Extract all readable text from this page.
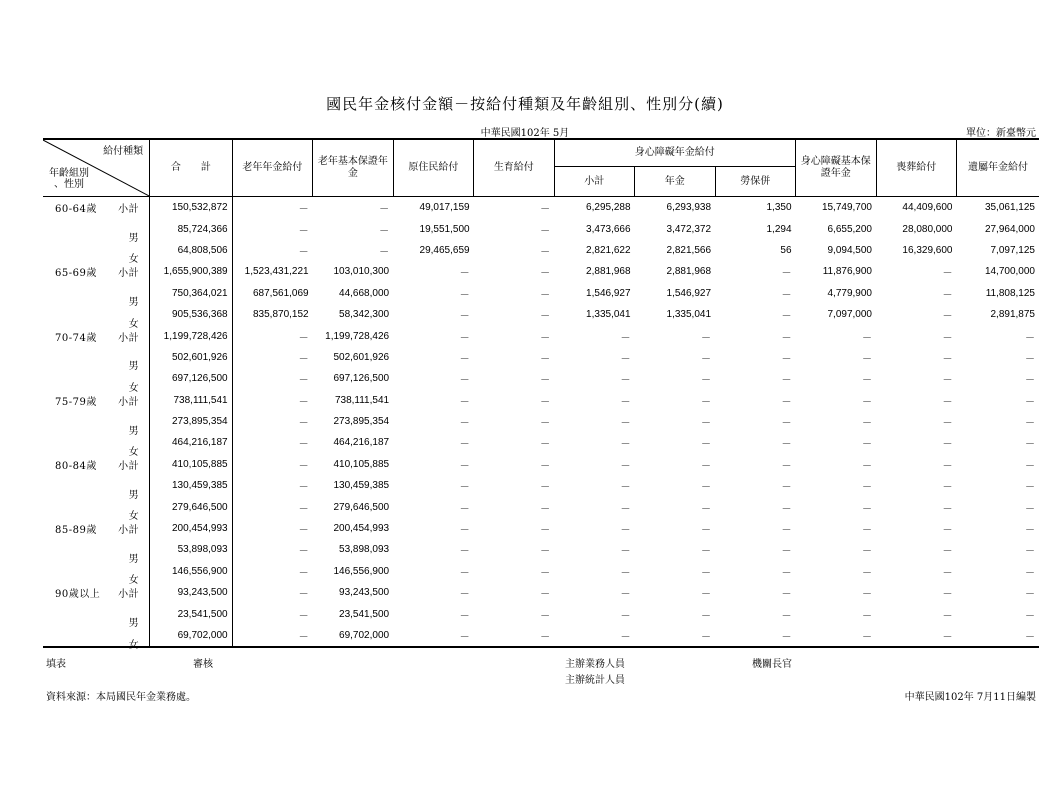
國民年金核付金額－按給付種類及年齡組別、性別分(續)
中華民國102年 5月	單位：新臺幣元
給付種類
年齡組別
、性別	合　　計	老年年金給付	老年基本保證年金	原住民給付	生育給付	身心障礙年金給付			身心障礙基本保證年金	喪葬給付	遺屬年金給付
						小計	年金	勞保併			
60-64歲 小計	150,532,872	－	－	49,017,159	－	6,295,288	6,293,938	1,350	15,749,700	44,409,600	35,061,125

男	85,724,366	－	－	19,551,500	－	3,473,666	3,472,372	1,294	6,655,200	28,080,000	27,964,000

女	64,808,506	－	－	29,465,659	－	2,821,622	2,821,566	56	9,094,500	16,329,600	7,097,125
65-69歲 小計	1,655,900,389	1,523,431,221	103,010,300	－	－	2,881,968	2,881,968	－	11,876,900	－	14,700,000

男	750,364,021	687,561,069	44,668,000	－	－	1,546,927	1,546,927	－	4,779,900	－	11,808,125

女	905,536,368	835,870,152	58,342,300	－	－	1,335,041	1,335,041	－	7,097,000	－	2,891,875
70-74歲 小計	1,199,728,426	－	1,199,728,426	－	－	－	－	－	－	－	－

男	502,601,926	－	502,601,926	－	－	－	－	－	－	－	－

女	697,126,500	－	697,126,500	－	－	－	－	－	－	－	－
75-79歲 小計	738,111,541	－	738,111,541	－	－	－	－	－	－	－	－

男	273,895,354	－	273,895,354	－	－	－	－	－	－	－	－

女	464,216,187	－	464,216,187	－	－	－	－	－	－	－	－
80-84歲 小計	410,105,885	－	410,105,885	－	－	－	－	－	－	－	－

男	130,459,385	－	130,459,385	－	－	－	－	－	－	－	－

女	279,646,500	－	279,646,500	－	－	－	－	－	－	－	－
85-89歲 小計	200,454,993	－	200,454,993	－	－	－	－	－	－	－	－

男	53,898,093	－	53,898,093	－	－	－	－	－	－	－	－

女	146,556,900	－	146,556,900	－	－	－	－	－	－	－	－
90歲以上 小計	93,243,500	－	93,243,500	－	－	－	－	－	－	－	－

男	23,541,500	－	23,541,500	－	－	－	－	－	－	－	－

女	69,702,000	－	69,702,000	－	－	－	－	－	－	－	－
填表	審核	主辦業務人員
主辦統計人員
機關長官
資料來源：本局國民年金業務處。	中華民國102年 7月11日編製
